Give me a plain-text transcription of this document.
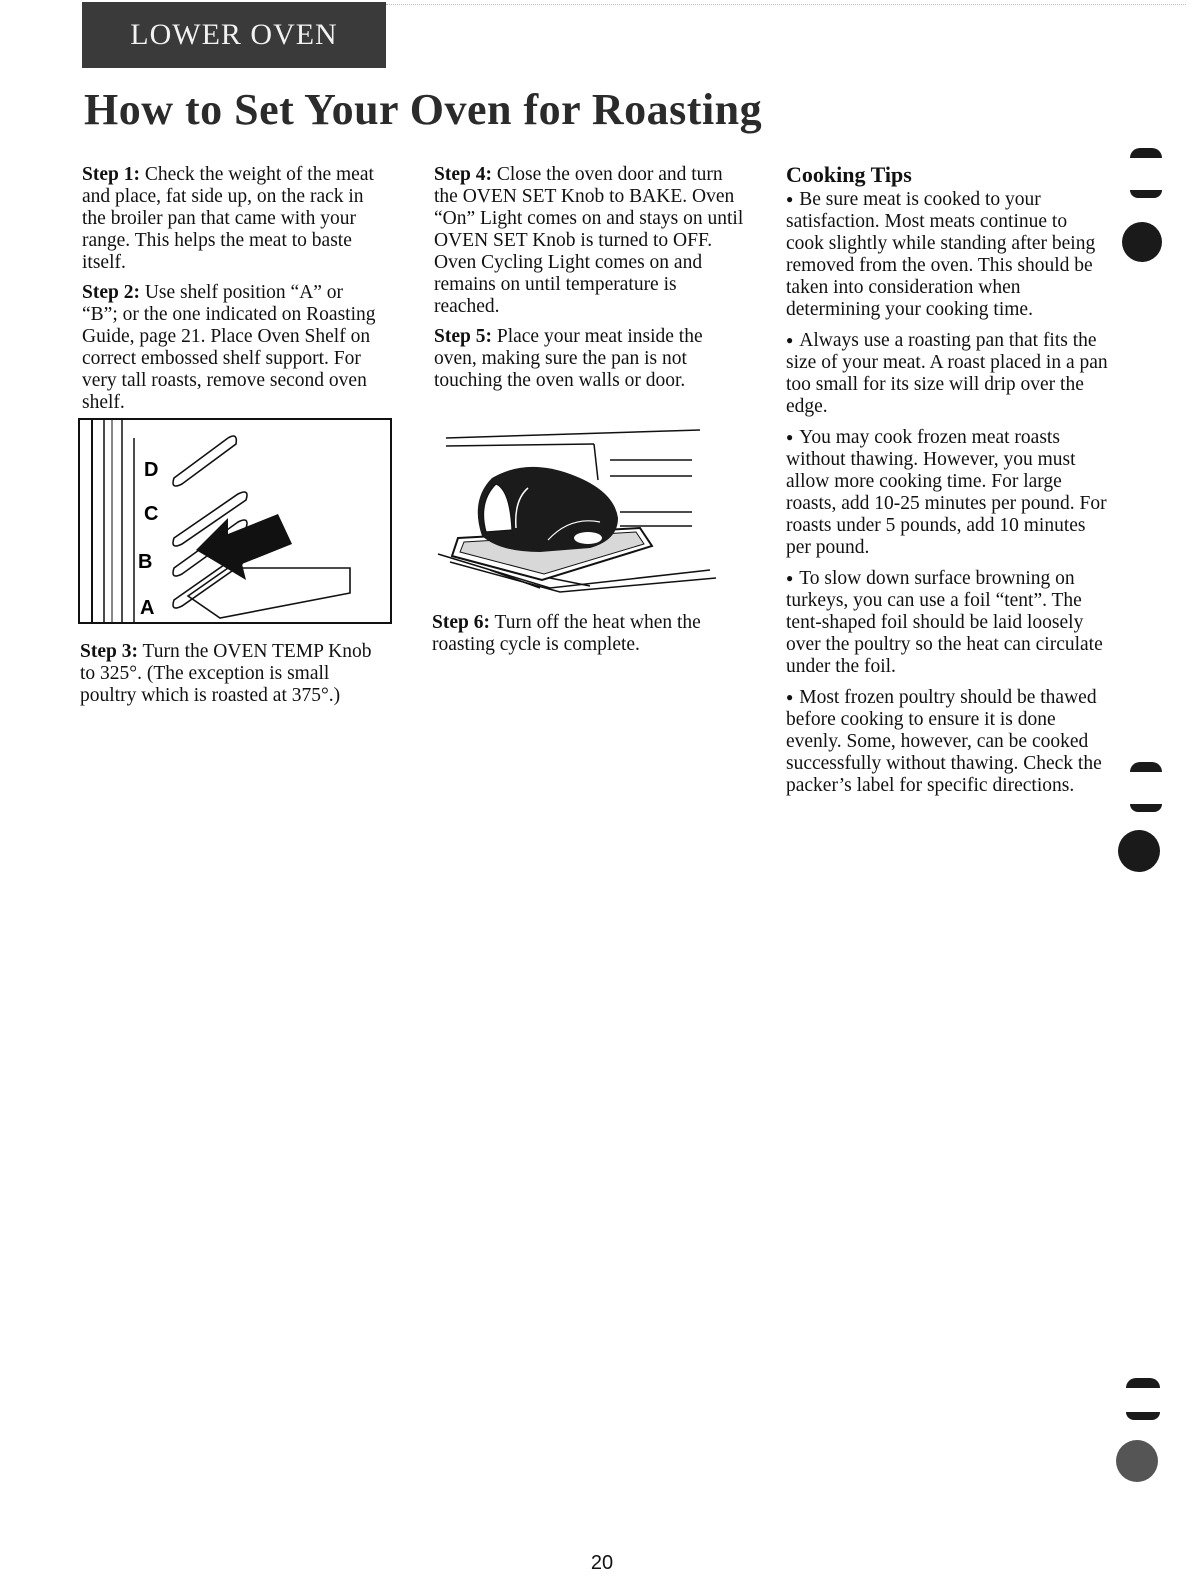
LOWER OVEN
How to Set Your Oven for Roasting

Step 1: Check the weight of the meat and place, fat side up, on the rack in the broiler pan that came with your range. This helps the meat to baste itself.

Step 2: Use shelf position “A” or “B”; or the one indicated on Roasting Guide, page 21. Place Oven Shelf on correct embossed shelf support. For very tall roasts, remove second oven shelf.

D
C
B
A

Step 3: Turn the OVEN TEMP Knob to 325°. (The exception is small poultry which is roasted at 375°.)

Step 4: Close the oven door and turn the OVEN SET Knob to BAKE. Oven “On” Light comes on and stays on until OVEN SET Knob is turned to OFF. Oven Cycling Light comes on and remains on until temperature is reached.

Step 5: Place your meat inside the oven, making sure the pan is not touching the oven walls or door.

Step 6: Turn off the heat when the roasting cycle is complete.

Cooking Tips

● Be sure meat is cooked to your satisfaction. Most meats continue to cook slightly while standing after being removed from the oven. This should be taken into consideration when determining your cooking time.

● Always use a roasting pan that fits the size of your meat. A roast placed in a pan too small for its size will drip over the edge.

● You may cook frozen meat roasts without thawing. However, you must allow more cooking time. For large roasts, add 10-25 minutes per pound. For roasts under 5 pounds, add 10 minutes per pound.

● To slow down surface browning on turkeys, you can use a foil “tent”. The tent-shaped foil should be laid loosely over the poultry so the heat can circulate under the foil.

● Most frozen poultry should be thawed before cooking to ensure it is done evenly. Some, however, can be cooked successfully without thawing. Check the packer’s label for specific directions.

20
